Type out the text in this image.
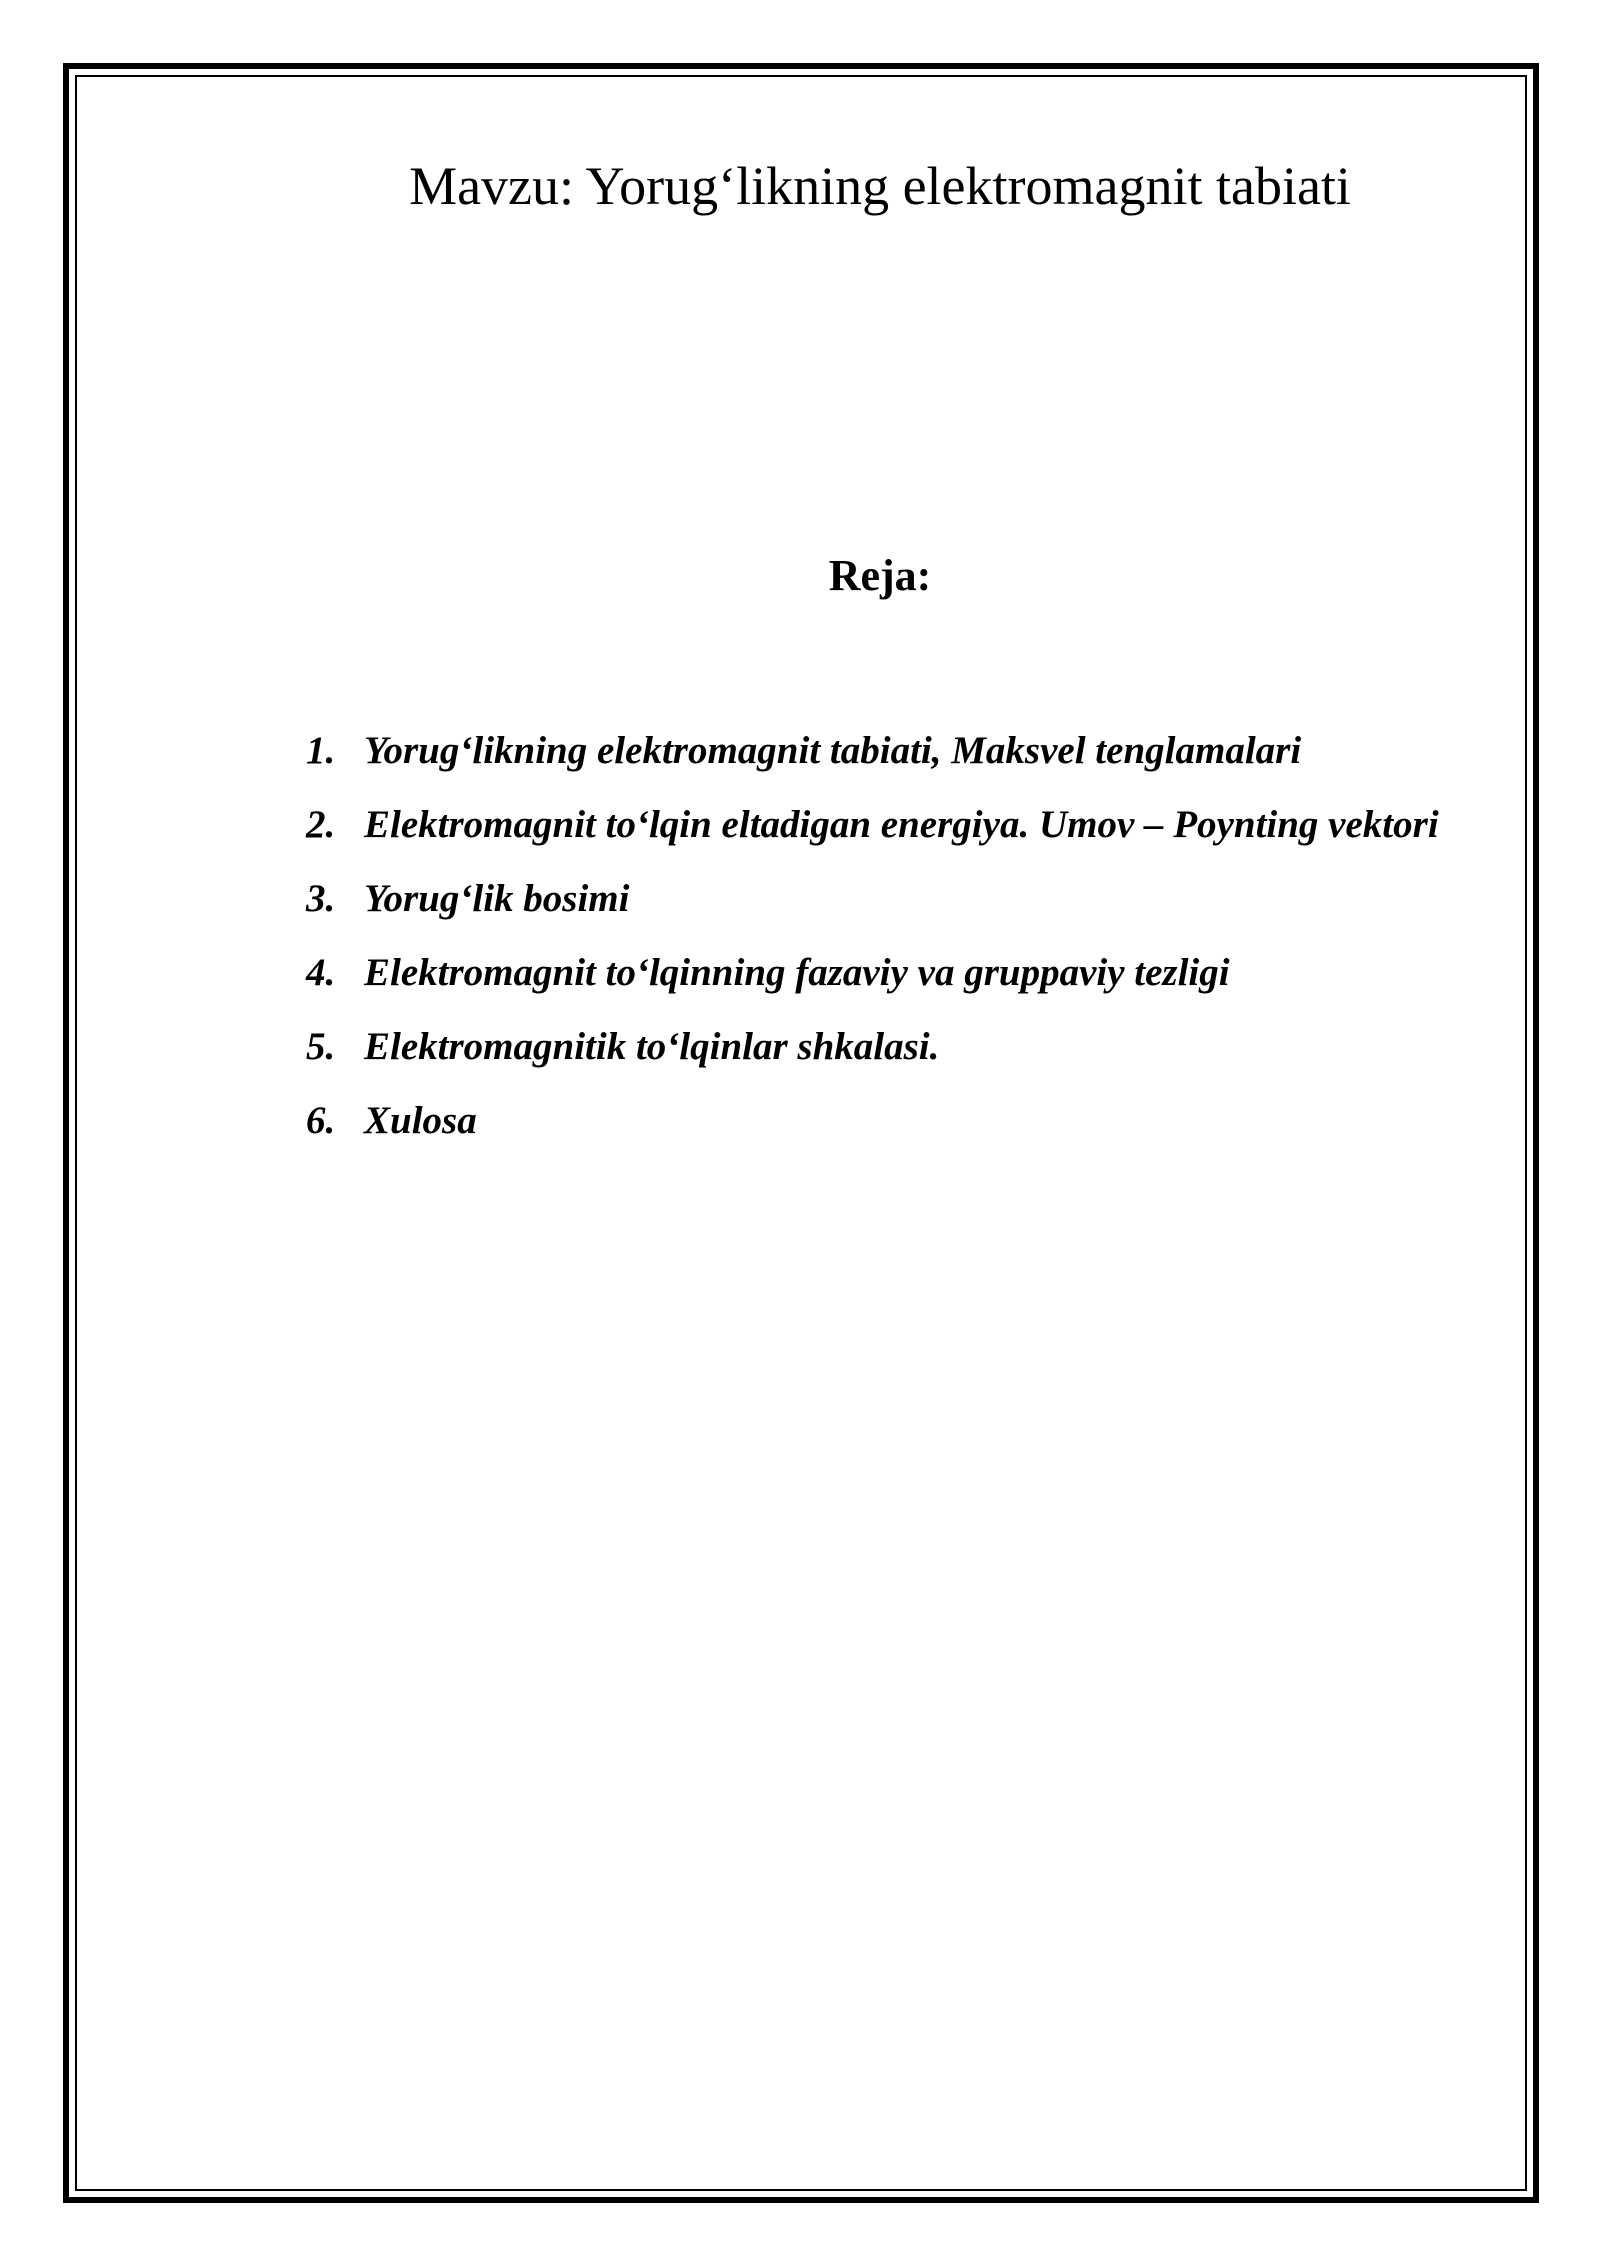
Mavzu: Yorug‘likning elektromagnit tabiati
Reja:
1. Yorug‘likning elektromagnit tabiati, Maksvel tenglamalari
2. Elektromagnit to‘lqin eltadigan energiya. Umov – Poynting vektori
3. Yorug‘lik bosimi
4. Elektromagnit to‘lqinning fazaviy va gruppaviy tezligi
5. Elektromagnitik to‘lqinlar shkalasi.
6. Xulosa
